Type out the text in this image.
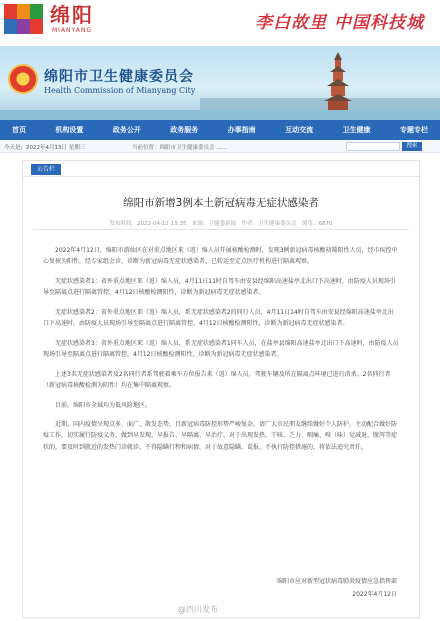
绵阳
MIANYANG	李白故里 中国科技城
绵阳市卫生健康委员会
Health Commission of Mianyang City
首页	机构设置	政务公开	政务服务	办事指南	互动交流	卫生健康	专题专栏
今天是：2022年4月13日 星期三	当前位置：绵阳市卫生健康委员会 ……	搜索
公告栏
绵阳市新增3例本土新冠病毒无症状感染者
发布时间：2022-04-12 13:35　来源：卫健委新闻　作者：卫生健康委员会　浏览：6870

2022年4月12日，绵阳市游仙区在对重点地区来（返）绵人员开展核酸检测时，发现3例新冠病毒核酸初筛阳性人员，经市疾控中心复核为阳性，经专家组会诊，诊断为新冠病毒无症状感染者，已转运至定点医疗机构进行隔离观察。

无症状感染者1：省外重点地区来（返）绵人员，4月11日11时自驾车由安县经绵阳高速盐亭北出口下高速时，由防疫人员现场引导至隔离点进行隔离管控，4月12日核酸检测阳性，诊断为新冠病毒无症状感染者。

无症状感染者2：省外重点地区来（返）绵人员，系无症状感染者2的同行人员，4月11日14时自驾车由安县经绵阳高速盐亭北出口下高速时，由防疫人员现场引导至隔离点进行隔离管控，4月12日核酸检测阳性，诊断为新冠病毒无症状感染者。

无症状感染者3：省外重点地区来（返）绵人员，系无症状感染者1同车人员，在盐亭县绵阳高速盐亭北出口下高速时，由防疫人员现场引导至隔离点进行隔离管控，4月12日核酸检测阳性，诊断为新冠病毒无症状感染者。

上述3名无症状感染者及2名同行者系驾驶着乘车方位报告来（返）绵人员，驾驶车辆及所在隔离点环境已进行消杀。2名同行者（新冠病毒核酸检测为阴性）均在集中隔离观察。

目前，绵阳市全域均为低风险地区。

近期，国内疫情呈现点多、面广、散发态势，且新冠病毒防控形势严峻复杂。请广大市民朋友继续做好个人防护，主动配合做好防疫工作，切实履行防疫义务，做到早发现、早报告、早隔离、早治疗。对于出现发热、干咳、乏力、咽痛、嗅（味）觉减退、腹泻等症状的，要及时到就近的发热门诊就诊，不得隐瞒行程和病情，对于故意隐瞒、谎报、不执行防控措施的，将依法追究责任。

绵阳市应对新型冠状病毒肺炎疫情应急指挥部
2022年4月12日
@四川发布
